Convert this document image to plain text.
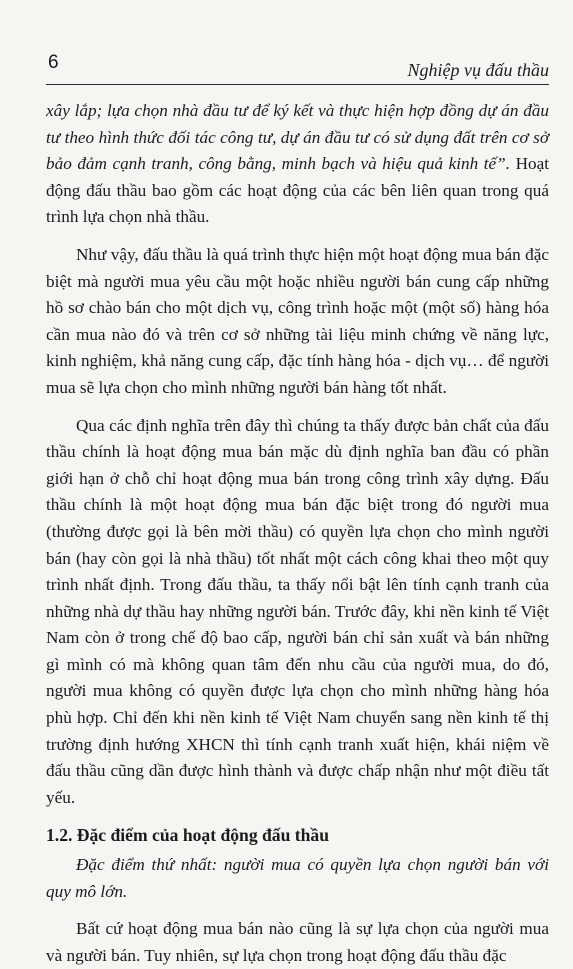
6	Nghiệp vụ đấu thầu

xây lắp; lựa chọn nhà đầu tư để ký kết và thực hiện hợp đồng dự án đầu tư theo hình thức đối tác công tư, dự án đầu tư có sử dụng đất trên cơ sở bảo đảm cạnh tranh, công bằng, minh bạch và hiệu quả kinh tế”. Hoạt động đấu thầu bao gồm các hoạt động của các bên liên quan trong quá trình lựa chọn nhà thầu.

Như vậy, đấu thầu là quá trình thực hiện một hoạt động mua bán đặc biệt mà người mua yêu cầu một hoặc nhiều người bán cung cấp những hồ sơ chào bán cho một dịch vụ, công trình hoặc một (một số) hàng hóa cần mua nào đó và trên cơ sở những tài liệu minh chứng về năng lực, kinh nghiệm, khả năng cung cấp, đặc tính hàng hóa - dịch vụ… để người mua sẽ lựa chọn cho mình những người bán hàng tốt nhất.

Qua các định nghĩa trên đây thì chúng ta thấy được bản chất của đấu thầu chính là hoạt động mua bán mặc dù định nghĩa ban đầu có phần giới hạn ở chỗ chỉ hoạt động mua bán trong công trình xây dựng. Đấu thầu chính là một hoạt động mua bán đặc biệt trong đó người mua (thường được gọi là bên mời thầu) có quyền lựa chọn cho mình người bán (hay còn gọi là nhà thầu) tốt nhất một cách công khai theo một quy trình nhất định. Trong đấu thầu, ta thấy nổi bật lên tính cạnh tranh của những nhà dự thầu hay những người bán. Trước đây, khi nền kinh tế Việt Nam còn ở trong chế độ bao cấp, người bán chỉ sản xuất và bán những gì mình có mà không quan tâm đến nhu cầu của người mua, do đó, người mua không có quyền được lựa chọn cho mình những hàng hóa phù hợp. Chỉ đến khi nền kinh tế Việt Nam chuyển sang nền kinh tế thị trường định hướng XHCN thì tính cạnh tranh xuất hiện, khái niệm về đấu thầu cũng dần được hình thành và được chấp nhận như một điều tất yếu.

1.2. Đặc điểm của hoạt động đấu thầu

Đặc điểm thứ nhất: người mua có quyền lựa chọn người bán với quy mô lớn.

Bất cứ hoạt động mua bán nào cũng là sự lựa chọn của người mua và người bán. Tuy nhiên, sự lựa chọn trong hoạt động đấu thầu đặc
